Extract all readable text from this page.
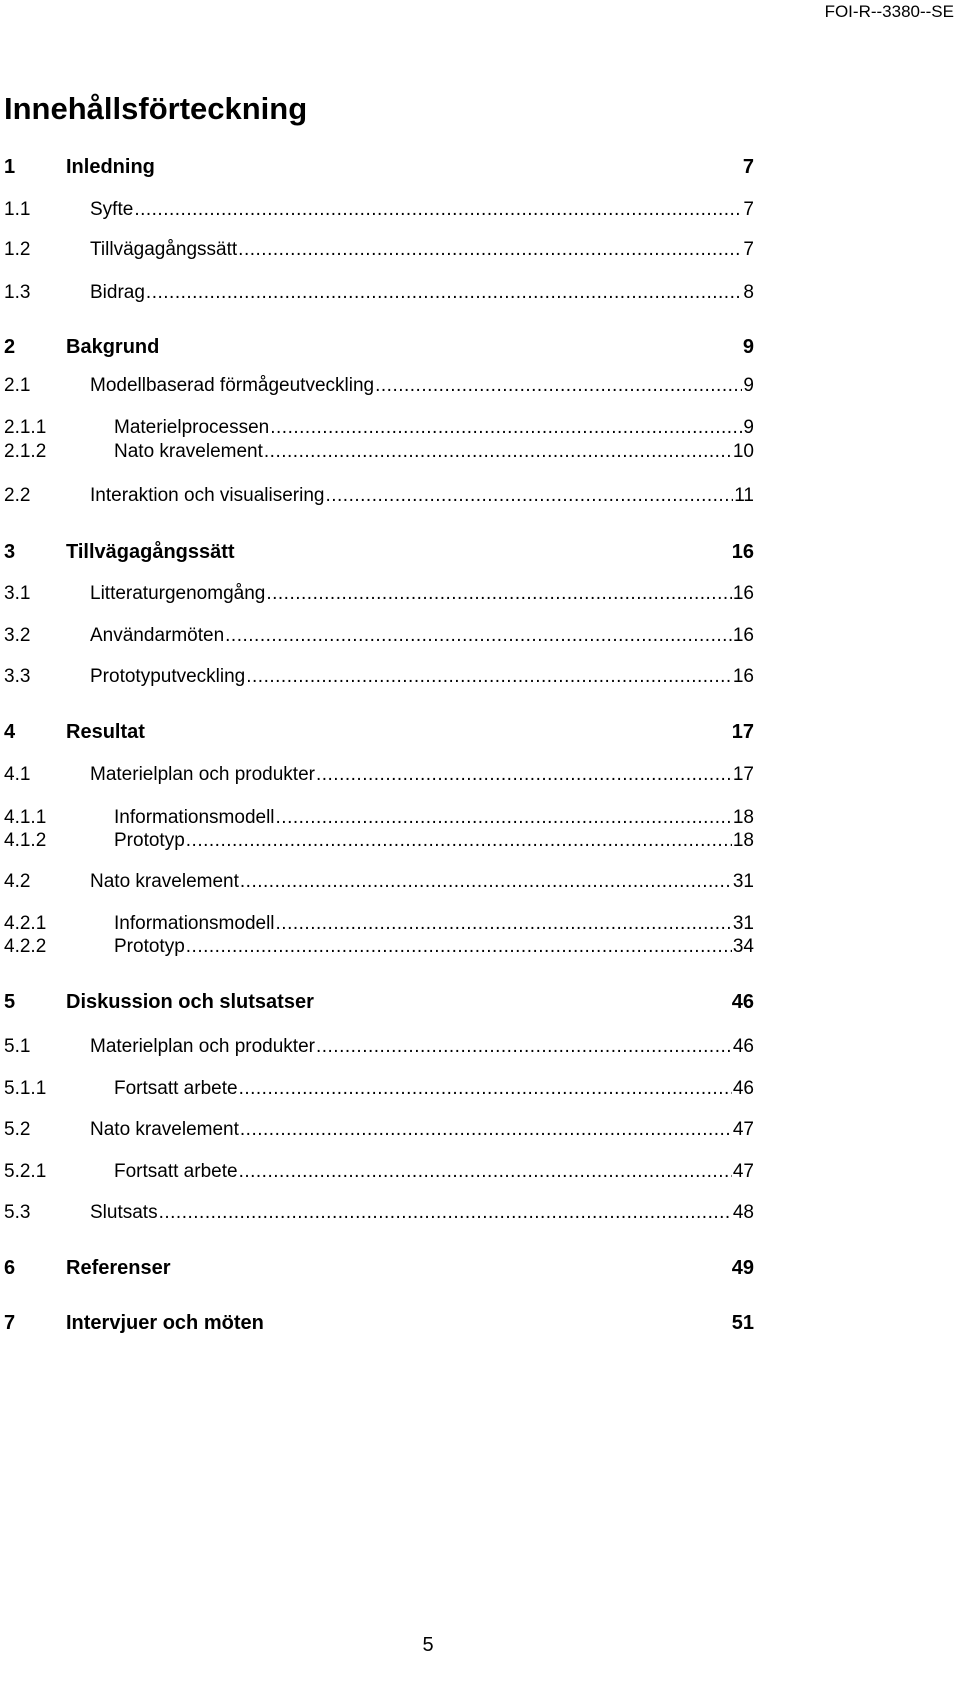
FOI-R--3380--SE
Innehållsförteckning
1	Inledning	7
1.1	Syfte .....	7
1.2	Tillvägagångssätt .....	7
1.3	Bidrag .....	8
2	Bakgrund	9
2.1	Modellbaserad förmågeutveckling .....	9
2.1.1	Materielprocessen .....	9
2.1.2	Nato kravelement .....	10
2.2	Interaktion och visualisering .....	11
3	Tillvägagångssätt	16
3.1	Litteraturgenomgång .....	16
3.2	Användarmöten .....	16
3.3	Prototyputveckling .....	16
4	Resultat	17
4.1	Materielplan och produkter .....	17
4.1.1	Informationsmodell .....	18
4.1.2	Prototyp .....	18
4.2	Nato kravelement .....	31
4.2.1	Informationsmodell .....	31
4.2.2	Prototyp .....	34
5	Diskussion och slutsatser	46
5.1	Materielplan och produkter .....	46
5.1.1	Fortsatt arbete .....	46
5.2	Nato kravelement .....	47
5.2.1	Fortsatt arbete .....	47
5.3	Slutsats .....	48
6	Referenser	49
7	Intervjuer och möten	51
5
